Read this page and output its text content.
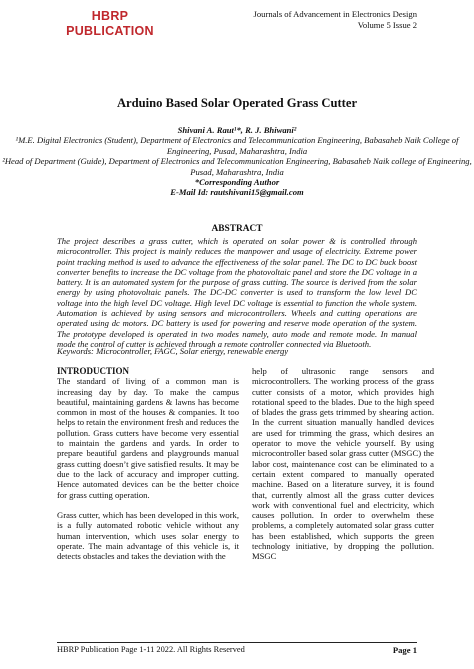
HBRP
PUBLICATION
Journals of Advancement in Electronics Design
Volume 5 Issue 2
Arduino Based Solar Operated Grass Cutter
Shivani A. Raut¹*, R. J. Bhiwani²
¹M.E. Digital Electronics (Student), Department of Electronics and Telecommunication Engineering, Babasaheb Naik College of Engineering, Pusad, Maharashtra, India
²Head of Department (Guide), Department of Electronics and Telecommunication Engineering, Babasaheb Naik college of Engineering, Pusad, Maharashtra, India
*Corresponding Author
E-Mail Id: rautshivani15@gmail.com
ABSTRACT
The project describes a grass cutter, which is operated on solar power & is controlled through microcontroller. This project is mainly reduces the manpower and usage of electricity. Extreme power point tracking method is used to advance the effectiveness of the solar panel. The DC to DC buck boost converter benefits to increase the DC voltage from the photovoltaic panel and store the DC voltage in a battery. It is an automated system for the purpose of grass cutting. The source is derived from the solar energy by using photovoltaic panels. The DC-DC converter is used to transform the low level DC voltage into the high level DC voltage. High level DC voltage is essential to function the whole system. Automation is achieved by using sensors and microcontrollers. Wheels and cutting operations are operated using dc motors. DC battery is used for powering and reserve mode operation of the system. The prototype developed is operated in two modes namely, auto mode and remote mode. In manual mode the control of cutter is achieved through a remote controller connected via Bluetooth.
Keywords: Microcontroller, FAGC, Solar energy, renewable energy
INTRODUCTION

The standard of living of a common man is increasing day by day. To make the campus beautiful, maintaining gardens & lawns has become common in most of the houses & companies. It too helps to retain the environment fresh and reduces the pollution. Grass cutters have become very essential to maintain the gardens and yards. In order to prepare beautiful gardens and playgrounds manual grass cutting doesn’t give satisfied results. It may be due to the lack of accuracy and improper cutting. Hence automated devices can be the better choice for grass cutting operation.

Grass cutter, which has been developed in this work, is a fully automated robotic vehicle without any human intervention, which uses solar energy to operate. The main advantage of this vehicle is, it detects obstacles and takes the deviation with the

help of ultrasonic range sensors and microcontrollers. The working process of the grass cutter consists of a motor, which provides high rotational speed to the blades. Due to the high speed of blades the grass gets trimmed by shearing action. In the current situation manually handled devices are used for trimming the grass, which desires an operator to move the vehicle yourself. By using microcontroller based solar grass cutter (MSGC) the labor cost, maintenance cost can be eliminated to a certain extent compared to manually operated machine. Based on a literature survey, it is found that, currently almost all the grass cutter devices work with conventional fuel and electricity, which causes pollution. In order to overwhelm these problems, a completely automated solar grass cutter has been established, which supports the green technology initiative, by dropping the pollution. MSGC

HBRP Publication Page 1-11 2022. All Rights Reserved	Page 1
